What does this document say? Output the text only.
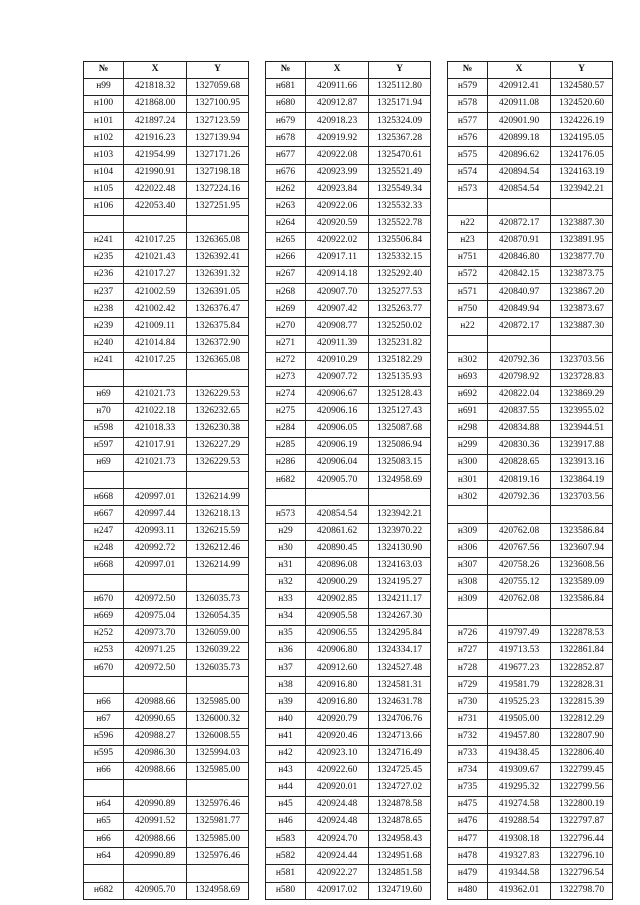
№	X	Y
н99	421818.32	1327059.68
н100	421868.00	1327100.95
н101	421897.24	1327123.59
н102	421916.23	1327139.94
н103	421954.99	1327171.26
н104	421990.91	1327198.18
н105	422022.48	1327224.16
н106	422053.40	1327251.95

н241	421017.25	1326365.08
н235	421021.43	1326392.41
н236	421017.27	1326391.32
н237	421002.59	1326391.05
н238	421002.42	1326376.47
н239	421009.11	1326375.84
н240	421014.84	1326372.90
н241	421017.25	1326365.08

н69	421021.73	1326229.53
н70	421022.18	1326232.65
н598	421018.33	1326230.38
н597	421017.91	1326227.29
н69	421021.73	1326229.53

н668	420997.01	1326214.99
н667	420997.44	1326218.13
н247	420993.11	1326215.59
н248	420992.72	1326212.46
н668	420997.01	1326214.99

н670	420972.50	1326035.73
н669	420975.04	1326054.35
н252	420973.70	1326059.00
н253	420971.25	1326039.22
н670	420972.50	1326035.73

н66	420988.66	1325985.00
н67	420990.65	1326000.32
н596	420988.27	1326008.55
н595	420986.30	1325994.03
н66	420988.66	1325985.00

н64	420990.89	1325976.46
н65	420991.52	1325981.77
н66	420988.66	1325985.00
н64	420990.89	1325976.46

н682	420905.70	1324958.69
№	X	Y
н681	420911.66	1325112.80
н680	420912.87	1325171.94
н679	420918.23	1325324.09
н678	420919.92	1325367.28
н677	420922.08	1325470.61
н676	420923.99	1325521.49
н262	420923.84	1325549.34
н263	420922.06	1325532.33
н264	420920.59	1325522.78
н265	420922.02	1325506.84
н266	420917.11	1325332.15
н267	420914.18	1325292.40
н268	420907.70	1325277.53
н269	420907.42	1325263.77
н270	420908.77	1325250.02
н271	420911.39	1325231.82
н272	420910.29	1325182.29
н273	420907.72	1325135.93
н274	420906.67	1325128.43
н275	420906.16	1325127.43
н284	420906.05	1325087.68
н285	420906.19	1325086.94
н286	420906.04	1325083.15
н682	420905.70	1324958.69

н573	420854.54	1323942.21
н29	420861.62	1323970.22
н30	420890.45	1324130.90
н31	420896.08	1324163.03
н32	420900.29	1324195.27
н33	420902.85	1324211.17
н34	420905.58	1324267.30
н35	420906.55	1324295.84
н36	420906.80	1324334.17
н37	420912.60	1324527.48
н38	420916.80	1324581.31
н39	420916.80	1324631.78
н40	420920.79	1324706.76
н41	420920.46	1324713.66
н42	420923.10	1324716.49
н43	420922.60	1324725.45
н44	420920.01	1324727.02
н45	420924.48	1324878.58
н46	420924.48	1324878.65
н583	420924.70	1324958.43
н582	420924.44	1324951.68
н581	420922.27	1324851.58
н580	420917.02	1324719.60
№	X	Y
н579	420912.41	1324580.57
н578	420911.08	1324520.60
н577	420901.90	1324226.19
н576	420899.18	1324195.05
н575	420896.62	1324176.05
н574	420894.54	1324163.19
н573	420854.54	1323942.21

н22	420872.17	1323887.30
н23	420870.91	1323891.95
н751	420846.80	1323877.70
н572	420842.15	1323873.75
н571	420840.97	1323867.20
н750	420849.94	1323873.67
н22	420872.17	1323887.30

н302	420792.36	1323703.56
н693	420798.92	1323728.83
н692	420822.04	1323869.29
н691	420837.55	1323955.02
н298	420834.88	1323944.51
н299	420830.36	1323917.88
н300	420828.65	1323913.16
н301	420819.16	1323864.19
н302	420792.36	1323703.56

н309	420762.08	1323586.84
н306	420767.56	1323607.94
н307	420758.26	1323608.56
н308	420755.12	1323589.09
н309	420762.08	1323586.84

н726	419797.49	1322878.53
н727	419713.53	1322861.84
н728	419677.23	1322852.87
н729	419581.79	1322828.31
н730	419525.23	1322815.39
н731	419505.00	1322812.29
н732	419457.80	1322807.90
н733	419438.45	1322806.40
н734	419309.67	1322799.45
н735	419295.32	1322799.56
н475	419274.58	1322800.19
н476	419288.54	1322797.87
н477	419308.18	1322796.44
н478	419327.83	1322796.10
н479	419344.58	1322796.54
н480	419362.01	1322798.70
